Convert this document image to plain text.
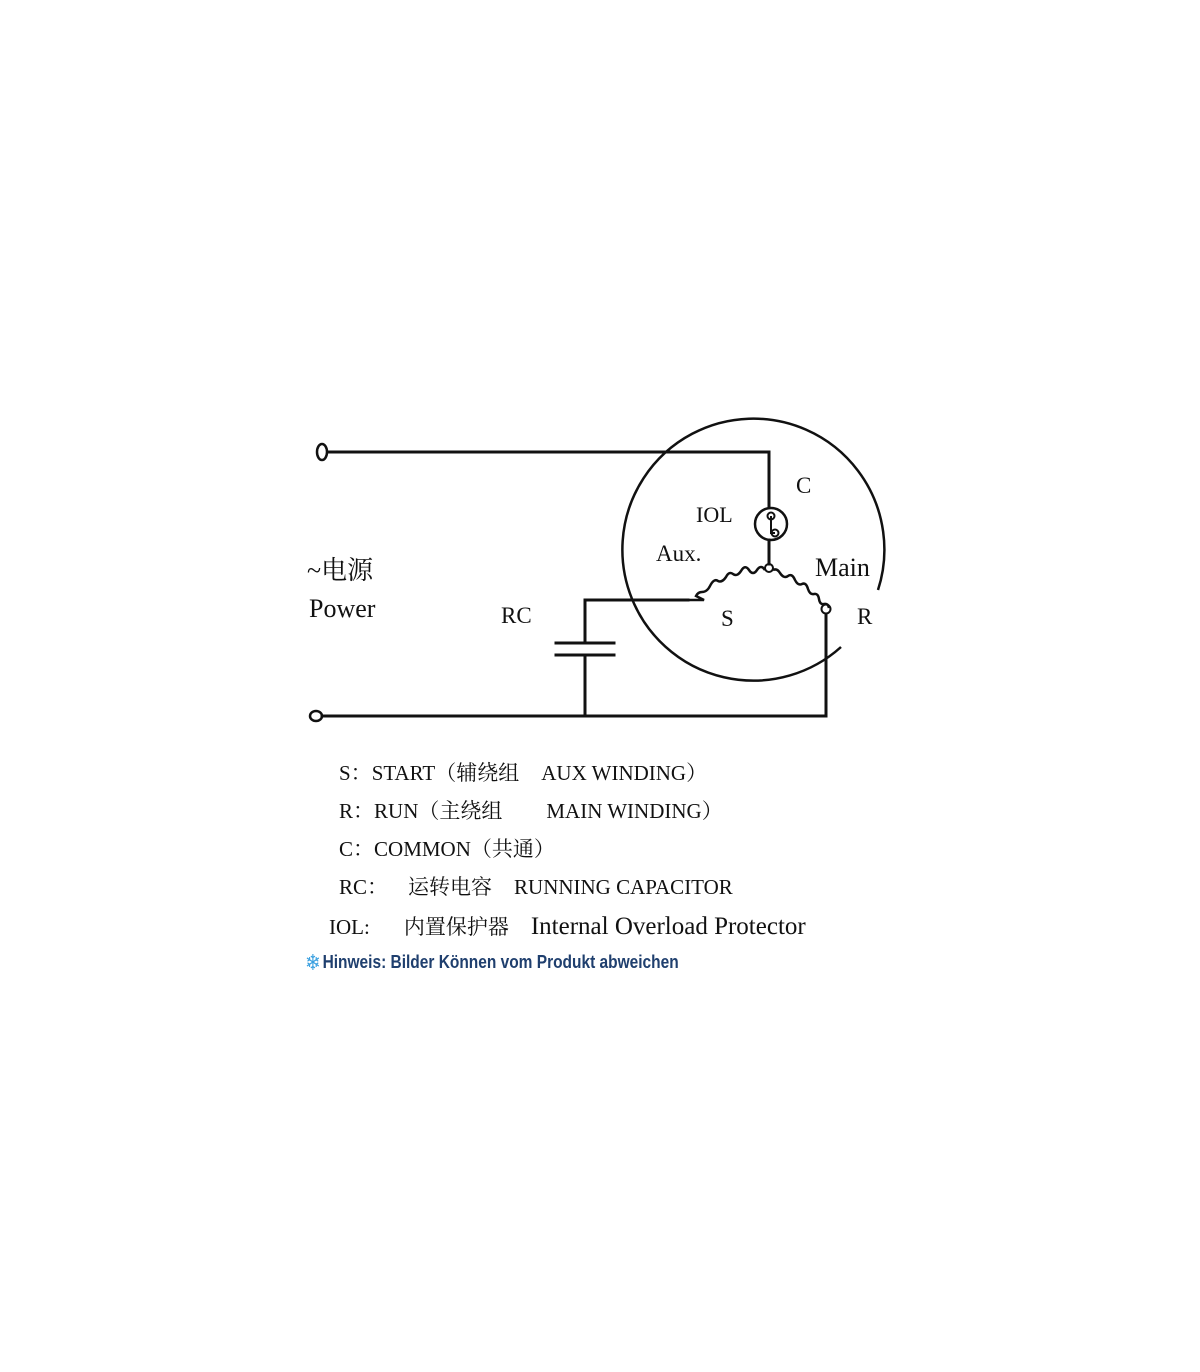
~电源
Power	RC
IOL
C
Aux.	Main
S	R
S：START（辅绕组 AUX WINDING）
R：RUN（主绕组 MAIN WINDING）
C：COMMON（共通）
RC： 运转电容 RUNNING CAPACITOR
IOL: 内置保护器 Internal Overload Protector
❄Hinweis: Bilder Können vom Produkt abweichen
